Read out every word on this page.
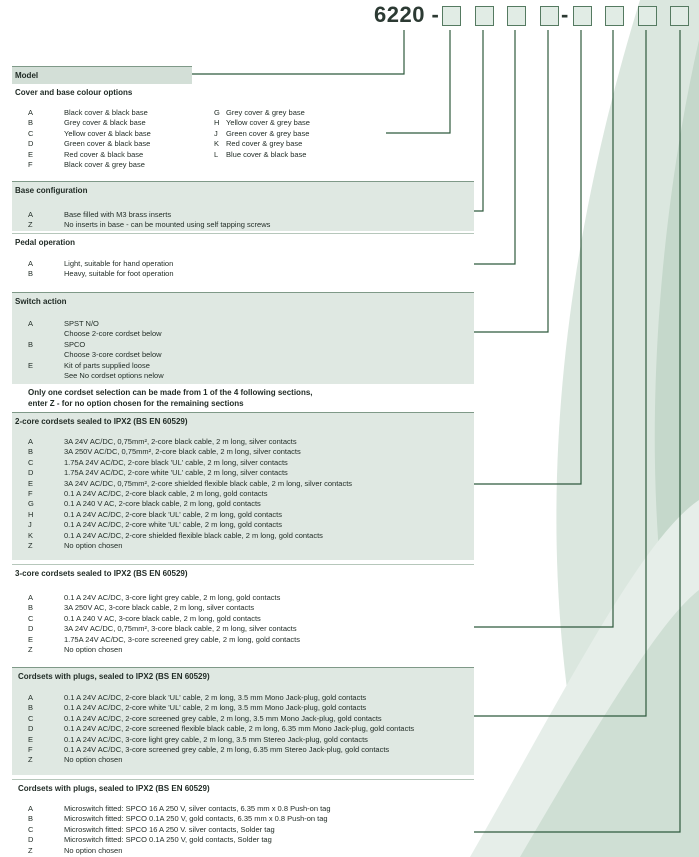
6220 -	-
Model
Cover and base colour options
A	Black cover & black base
B	Grey cover & black base
C	Yellow cover & black base
D	Green cover & black base
E	Red cover & black base
F	Black cover & grey base
G Grey cover & grey base
H Yellow cover & grey base
J Green cover & grey base
K Red cover & grey base
L Blue cover & black base
Base configuration
A	Base filled with M3 brass inserts
Z	No inserts in base - can be mounted using self tapping screws
Pedal operation
A	Light, suitable for hand operation
B	Heavy, suitable for foot operation
Switch action
A	SPST N/O
Choose 2-core cordset below
B	SPCO
Choose 3-core cordset below
E	Kit of parts supplied loose
See No cordset options nelow
Only one cordset selection can be made from 1 of the 4 following sections,
enter Z - for no option chosen for the remaining sections
2-core cordsets sealed to IPX2 (BS EN 60529)
A	3A 24V AC/DC, 0,75mm², 2-core black cable, 2 m long, silver contacts
B	3A 250V AC/DC, 0,75mm², 2-core black cable, 2 m long, silver contacts
C	1.75A 24V AC/DC, 2-core black 'UL' cable, 2 m long, silver contacts
D	1.75A 24V AC/DC, 2-core white 'UL' cable, 2 m long, silver contacts
E	3A 24V AC/DC, 0,75mm², 2-core shielded flexible black cable, 2 m long, silver contacts
F	0.1 A 24V AC/DC, 2-core black cable, 2 m long, gold contacts
G	0.1 A 240 V AC, 2-core black cable, 2 m long, gold contacts
H	0.1 A 24V AC/DC, 2-core black 'UL' cable, 2 m long, gold contacts
J	0.1 A 24V AC/DC, 2-core white 'UL' cable, 2 m long, gold contacts
K	0.1 A 24V AC/DC, 2-core shielded flexible black cable, 2 m long, gold contacts
Z	No option chosen
3-core cordsets sealed to IPX2 (BS EN 60529)
A	0.1 A 24V AC/DC, 3-core light grey cable, 2 m long, gold contacts
B	3A 250V AC, 3-core black cable, 2 m long, silver contacts
C	0.1 A 240 V AC, 3-core black cable, 2 m long, gold contacts
D	3A 24V AC/DC, 0,75mm², 3-core black cable, 2 m long, silver contacts
E	1.75A 24V AC/DC, 3-core screened grey cable, 2 m long, gold contacts
Z	No option chosen
Cordsets with plugs, sealed to IPX2 (BS EN 60529)
A	0.1 A 24V AC/DC, 2-core black 'UL' cable, 2 m long, 3.5 mm Mono Jack-plug, gold contacts
B	0.1 A 24V AC/DC, 2-core white 'UL' cable, 2 m long, 3.5 mm Mono Jack-plug, gold contacts
C	0.1 A 24V AC/DC, 2-core screened grey cable, 2 m long, 3.5 mm Mono Jack-plug, gold contacts
D	0.1 A 24V AC/DC, 2-core screened flexible black cable, 2 m long, 6.35 mm Mono Jack-plug, gold contacts
E	0.1 A 24V AC/DC, 3-core light grey cable, 2 m long, 3.5 mm Stereo Jack-plug, gold contacts
F	0.1 A 24V AC/DC, 3-core screened grey cable, 2 m long, 6.35 mm Stereo Jack-plug, gold contacts
Z	No option chosen
Cordsets with plugs, sealed to IPX2 (BS EN 60529)
A	Microswitch fitted: SPCO 16 A 250 V, silver contacts, 6.35 mm x 0.8 Push-on tag
B	Microswitch fitted: SPCO 0.1A 250 V, gold contacts, 6.35 mm x 0.8 Push-on tag
C	Microswitch fitted: SPCO 16 A 250 V. silver contacts, Solder tag
D	Microswitch fitted: SPCO 0.1A 250 V, gold contacts, Solder tag
Z	No option chosen
